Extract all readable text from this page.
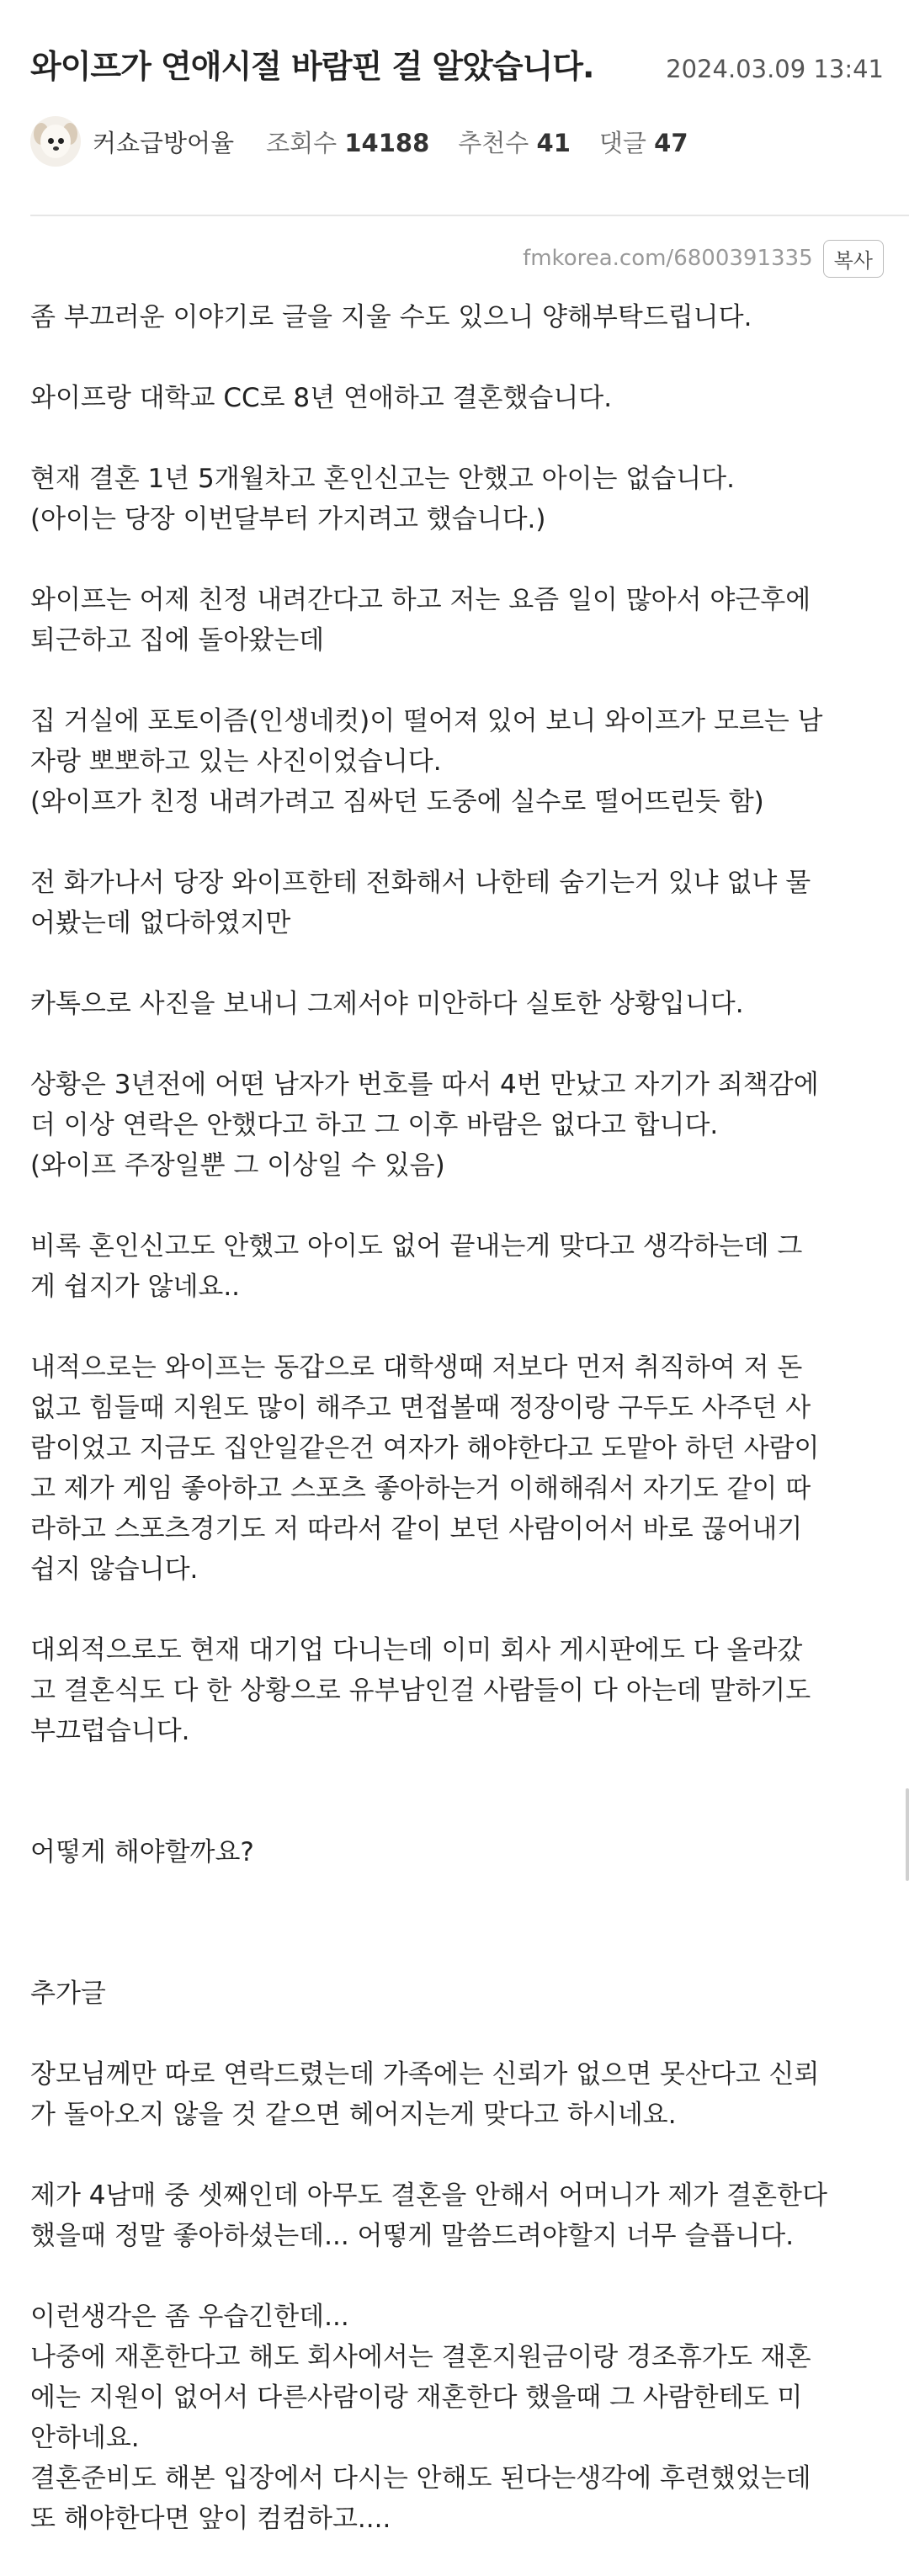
와이프가 연애시절 바람핀 걸 알았습니다.	2024.03.09 13:41
커쇼급방어율 조회수 14188 추천수 41 댓글 47
fmkorea.com/6800391335	복사

좀 부끄러운 이야기로 글을 지울 수도 있으니 양해부탁드립니다.

와이프랑 대학교 CC로 8년 연애하고 결혼했습니다.

현재 결혼 1년 5개월차고 혼인신고는 안했고 아이는 없습니다.
(아이는 당장 이번달부터 가지려고 했습니다.)

와이프는 어제 친정 내려간다고 하고 저는 요즘 일이 많아서 야근후에
퇴근하고 집에 돌아왔는데

집 거실에 포토이즘(인생네컷)이 떨어져 있어 보니 와이프가 모르는 남
자랑 뽀뽀하고 있는 사진이었습니다.
(와이프가 친정 내려가려고 짐싸던 도중에 실수로 떨어뜨린듯 함)

전 화가나서 당장 와이프한테 전화해서 나한테 숨기는거 있냐 없냐 물
어봤는데 없다하였지만

카톡으로 사진을 보내니 그제서야 미안하다 실토한 상황입니다.

상황은 3년전에 어떤 남자가 번호를 따서 4번 만났고 자기가 죄책감에
더 이상 연락은 안했다고 하고 그 이후 바람은 없다고 합니다.
(와이프 주장일뿐 그 이상일 수 있음)

비록 혼인신고도 안했고 아이도 없어 끝내는게 맞다고 생각하는데 그
게 쉽지가 않네요..

내적으로는 와이프는 동갑으로 대학생때 저보다 먼저 취직하여 저 돈
없고 힘들때 지원도 많이 해주고 면접볼때 정장이랑 구두도 사주던 사
람이었고 지금도 집안일같은건 여자가 해야한다고 도맡아 하던 사람이
고 제가 게임 좋아하고 스포츠 좋아하는거 이해해줘서 자기도 같이 따
라하고 스포츠경기도 저 따라서 같이 보던 사람이어서 바로 끊어내기
쉽지 않습니다.

대외적으로도 현재 대기업 다니는데 이미 회사 게시판에도 다 올라갔
고 결혼식도 다 한 상황으로 유부남인걸 사람들이 다 아는데 말하기도
부끄럽습니다.

어떻게 해야할까요?

추가글

장모님께만 따로 연락드렸는데 가족에는 신뢰가 없으면 못산다고 신뢰
가 돌아오지 않을 것 같으면 헤어지는게 맞다고 하시네요.

제가 4남매 중 셋째인데 아무도 결혼을 안해서 어머니가 제가 결혼한다
했을때 정말 좋아하셨는데... 어떻게 말씀드려야할지 너무 슬픕니다.

이런생각은 좀 우습긴한데...
나중에 재혼한다고 해도 회사에서는 결혼지원금이랑 경조휴가도 재혼
에는 지원이 없어서 다른사람이랑 재혼한다 했을때 그 사람한테도 미
안하네요.
결혼준비도 해본 입장에서 다시는 안해도 된다는생각에 후련했었는데
또 해야한다면 앞이 컴컴하고....
